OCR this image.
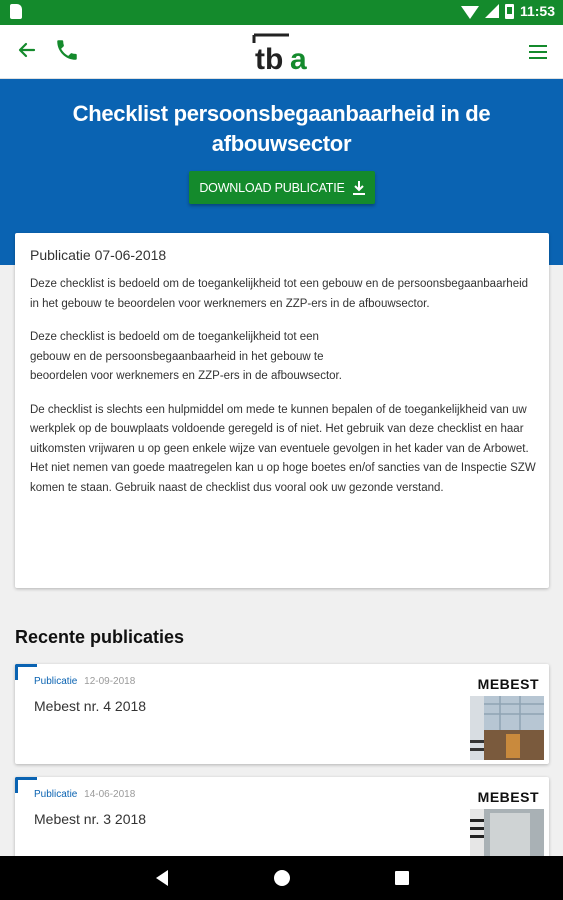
11:53
tb a
Checklist persoonsbegaanbaarheid in de afbouwsector
DOWNLOAD PUBLICATIE
Publicatie 07-06-2018

Deze checklist is bedoeld om de toegankelijkheid tot een gebouw en de persoonsbegaanbaarheid in het gebouw te beoordelen voor werknemers en ZZP-ers in de afbouwsector.

Deze checklist is bedoeld om de toegankelijkheid tot een gebouw en de persoonsbegaanbaarheid in het gebouw te beoordelen voor werknemers en ZZP-ers in de afbouwsector.

De checklist is slechts een hulpmiddel om mede te kunnen bepalen of de toegankelijkheid van uw werkplek op de bouwplaats voldoende geregeld is of niet. Het gebruik van deze checklist en haar uitkomsten vrijwaren u op geen enkele wijze van eventuele gevolgen in het kader van de Arbowet. Het niet nemen van goede maatregelen kan u op hoge boetes en/of sancties van de Inspectie SZW komen te staan. Gebruik naast de checklist dus vooral ook uw gezonde verstand.

Recente publicaties
Publicatie 12-09-2018
Mebest nr. 4 2018
MEBEST
Publicatie 14-06-2018
Mebest nr. 3 2018
MEBEST
